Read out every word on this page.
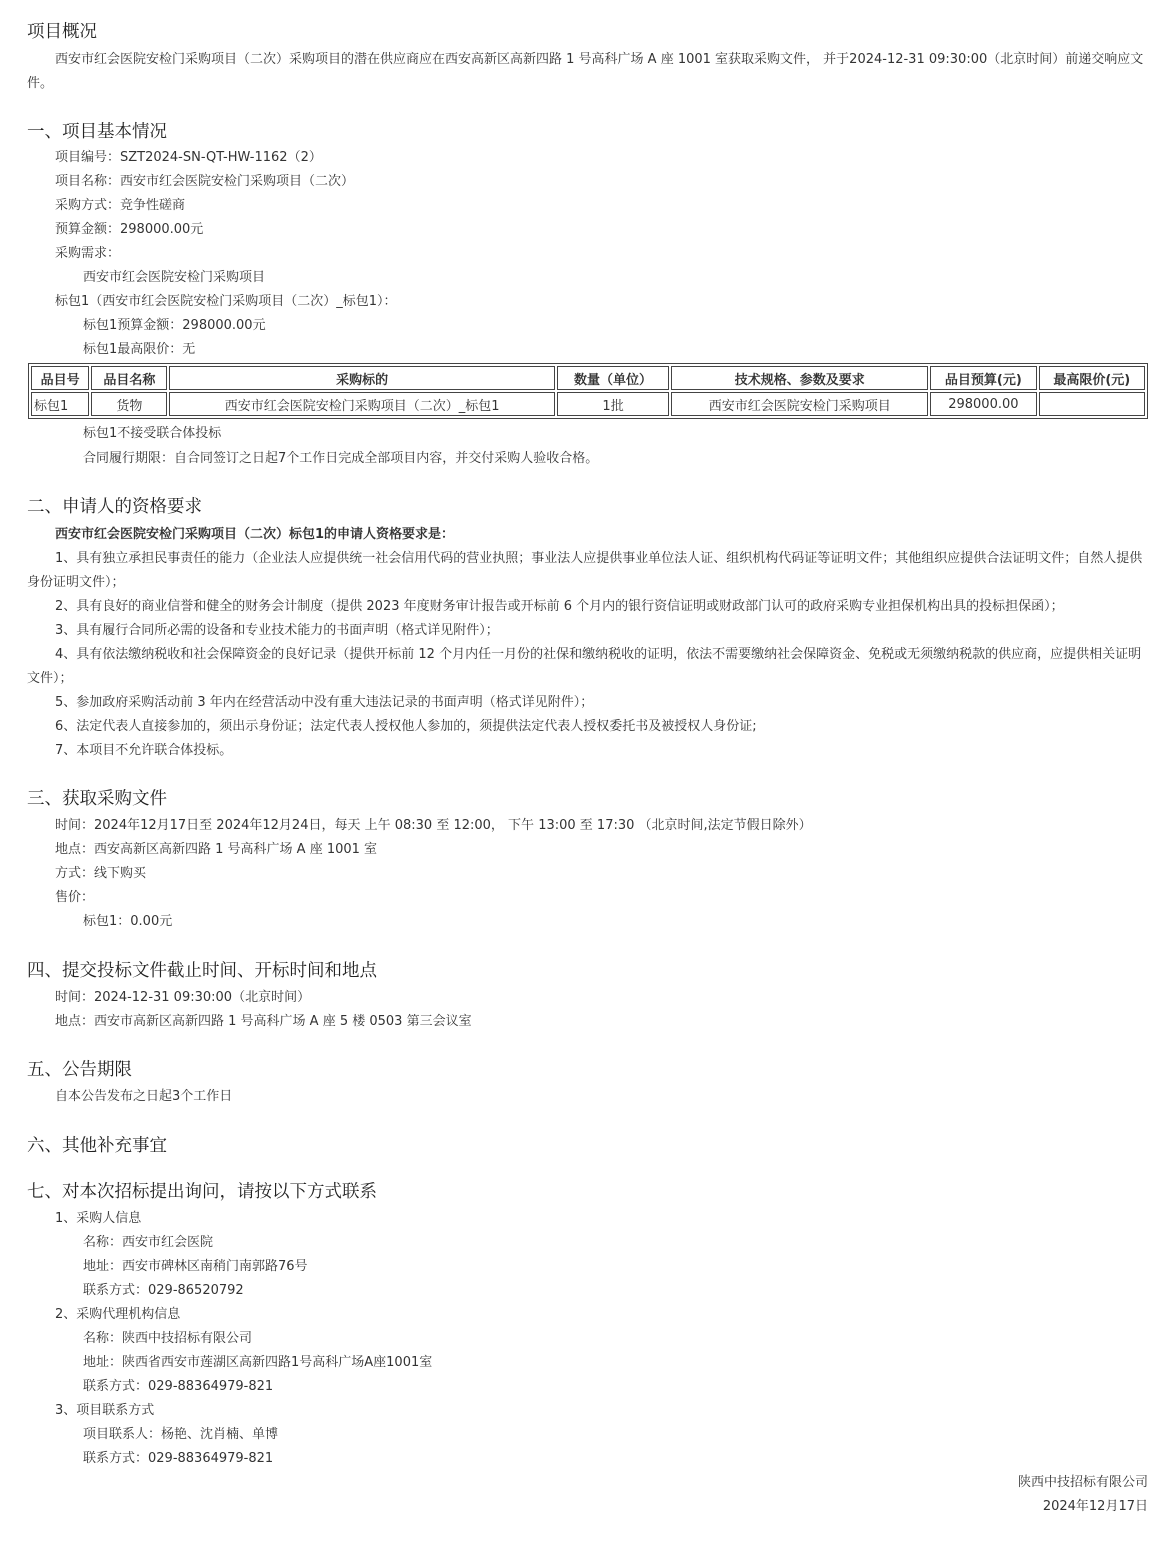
项目概况
西安市红会医院安检门采购项目（二次）采购项目的潜在供应商应在西安高新区高新四路 1 号高科广场 A 座 1001 室获取采购文件， 并于2024-12-31 09:30:00（北京时间）前递交响应文件。
一、项目基本情况
项目编号：SZT2024-SN-QT-HW-1162（2）
项目名称：西安市红会医院安检门采购项目（二次）
采购方式：竞争性磋商
预算金额：298000.00元
采购需求：
西安市红会医院安检门采购项目
标包1（西安市红会医院安检门采购项目（二次）_标包1）：
标包1预算金额：298000.00元
标包1最高限价：无
品目号	品目名称	采购标的	数量（单位）	技术规格、参数及要求	品目预算(元)	最高限价(元)
标包1	货物	西安市红会医院安检门采购项目（二次）_标包1	1批	西安市红会医院安检门采购项目	298000.00	
标包1不接受联合体投标
合同履行期限：自合同签订之日起7个工作日完成全部项目内容，并交付采购人验收合格。
二、申请人的资格要求
西安市红会医院安检门采购项目（二次）标包1的申请人资格要求是：
1、具有独立承担民事责任的能力（企业法人应提供统一社会信用代码的营业执照；事业法人应提供事业单位法人证、组织机构代码证等证明文件；其他组织应提供合法证明文件；自然人提供身份证明文件）；
2、具有良好的商业信誉和健全的财务会计制度（提供 2023 年度财务审计报告或开标前 6 个月内的银行资信证明或财政部门认可的政府采购专业担保机构出具的投标担保函）；
3、具有履行合同所必需的设备和专业技术能力的书面声明（格式详见附件）；
4、具有依法缴纳税收和社会保障资金的良好记录（提供开标前 12 个月内任一月份的社保和缴纳税收的证明，依法不需要缴纳社会保障资金、免税或无须缴纳税款的供应商，应提供相关证明文件）；
5、参加政府采购活动前 3 年内在经营活动中没有重大违法记录的书面声明（格式详见附件）；
6、法定代表人直接参加的，须出示身份证；法定代表人授权他人参加的，须提供法定代表人授权委托书及被授权人身份证;
7、本项目不允许联合体投标。
三、获取采购文件
时间：2024年12月17日至 2024年12月24日，每天 上午 08:30 至 12:00， 下午 13:00 至 17:30 （北京时间,法定节假日除外）
地点：西安高新区高新四路 1 号高科广场 A 座 1001 室
方式：线下购买
售价：
标包1：0.00元
四、提交投标文件截止时间、开标时间和地点
时间：2024-12-31 09:30:00（北京时间）
地点：西安市高新区高新四路 1 号高科广场 A 座 5 楼 0503 第三会议室
五、公告期限
自本公告发布之日起3个工作日
六、其他补充事宜
七、对本次招标提出询问，请按以下方式联系
1、采购人信息
名称：西安市红会医院
地址：西安市碑林区南稍门南郭路76号
联系方式：029-86520792
2、采购代理机构信息
名称：陕西中技招标有限公司
地址：陕西省西安市莲湖区高新四路1号高科广场A座1001室
联系方式：029-88364979-821
3、项目联系方式
项目联系人：杨艳、沈肖楠、单博
联系方式：029-88364979-821
陕西中技招标有限公司
2024年12月17日
